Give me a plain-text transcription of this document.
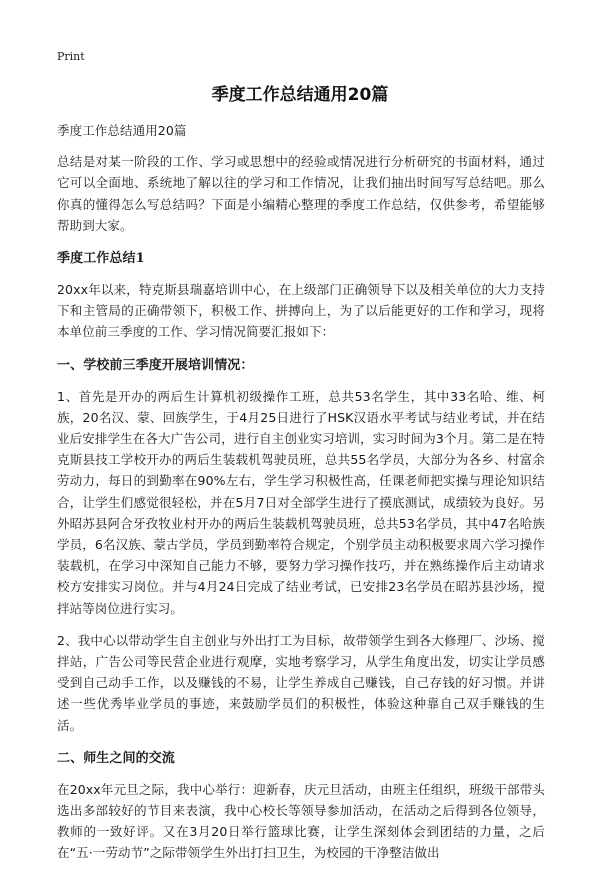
Print
季度工作总结通用20篇

季度工作总结通用20篇

总结是对某一阶段的工作、学习或思想中的经验或情况进行分析研究的书面材料，通过它可以全面地、系统地了解以往的学习和工作情况，让我们抽出时间写写总结吧。那么你真的懂得怎么写总结吗？下面是小编精心整理的季度工作总结，仅供参考，希望能够帮助到大家。

季度工作总结1

20xx年以来，特克斯县瑞嘉培训中心，在上级部门正确领导下以及相关单位的大力支持下和主管局的正确带领下，积极工作、拼搏向上，为了以后能更好的工作和学习，现将本单位前三季度的工作、学习情况简要汇报如下：

一、学校前三季度开展培训情况：

1、首先是开办的两后生计算机初级操作工班，总共53名学生，其中33名哈、维、柯族，20名汉、蒙、回族学生，于4月25日进行了HSK汉语水平考试与结业考试，并在结业后安排学生在各大广告公司，进行自主创业实习培训，实习时间为3个月。第二是在特克斯县技工学校开办的两后生装载机驾驶员班，总共55名学员，大部分为各乡、村富余劳动力，每日的到勤率在90%左右，学生学习积极性高，任课老师把实操与理论知识结合，让学生们感觉很轻松，并在5月7日对全部学生进行了摸底测试，成绩较为良好。另外昭苏县阿合牙孜牧业村开办的两后生装载机驾驶员班，总共53名学员，其中47名哈族学员，6名汉族、蒙古学员，学员到勤率符合规定，个别学员主动积极要求周六学习操作装载机，在学习中深知自己能力不够，要努力学习操作技巧，并在熟练操作后主动请求校方安排实习岗位。并与4月24日完成了结业考试，已安排23名学员在昭苏县沙场，搅拌站等岗位进行实习。

2、我中心以带动学生自主创业与外出打工为目标，故带领学生到各大修理厂、沙场、搅拌站，广告公司等民营企业进行观摩，实地考察学习，从学生角度出发，切实让学员感受到自己动手工作，以及赚钱的不易，让学生养成自己赚钱，自己存钱的好习惯。并讲述一些优秀毕业学员的事迹，来鼓励学员们的积极性，体验这种靠自己双手赚钱的生活。

二、师生之间的交流

在20xx年元旦之际，我中心举行：迎新春，庆元旦活动，由班主任组织，班级干部带头选出多部较好的节目来表演，我中心校长等领导参加活动，在活动之后得到各位领导，教师的一致好评。又在3月20日举行篮球比赛，让学生深刻体会到团结的力量，之后在“五·一劳动节”之际带领学生外出打扫卫生，为校园的干净整洁做出
